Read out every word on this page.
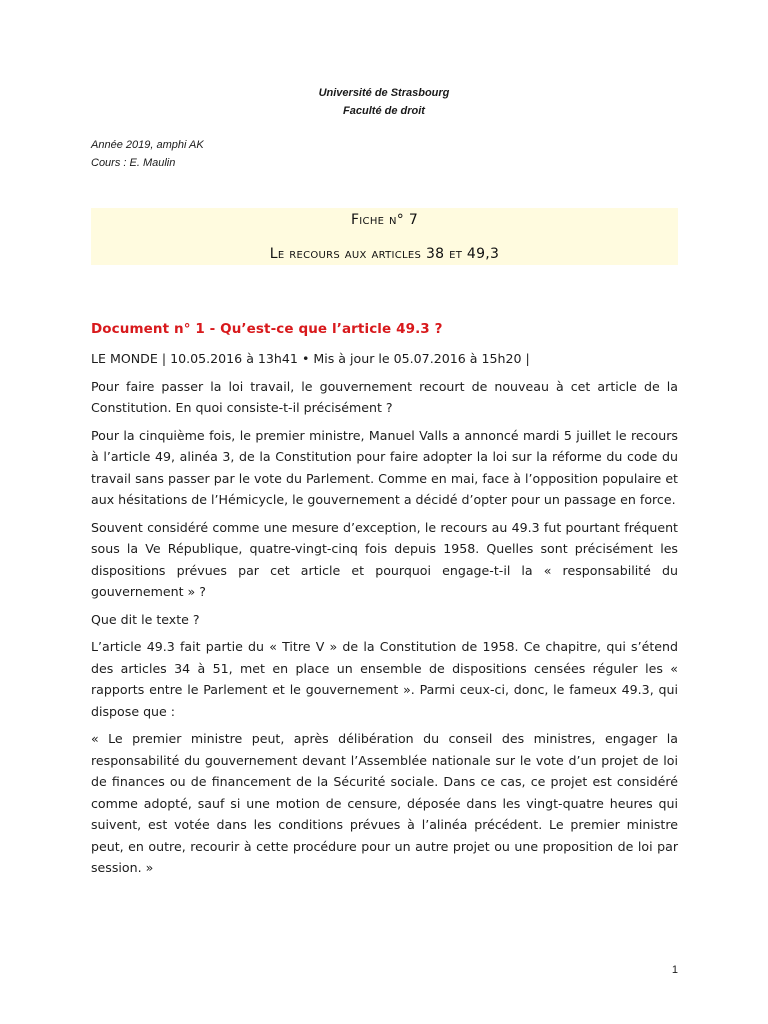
Université de Strasbourg
Faculté de droit
Année 2019, amphi AK
Cours : E. Maulin
Fiche n° 7
Le recours aux articles 38 et 49,3
Document n° 1 - Qu’est-ce que l’article 49.3 ?

LE MONDE | 10.05.2016 à 13h41 • Mis à jour le 05.07.2016 à 15h20 |

Pour faire passer la loi travail, le gouvernement recourt de nouveau à cet article de la Constitution. En quoi consiste-t-il précisément ?

Pour la cinquième fois, le premier ministre, Manuel Valls a annoncé mardi 5 juillet le recours à l’article 49, alinéa 3, de la Constitution pour faire adopter la loi sur la réforme du code du travail sans passer par le vote du Parlement. Comme en mai, face à l’opposition populaire et aux hésitations de l’Hémicycle, le gouvernement a décidé d’opter pour un passage en force.

Souvent considéré comme une mesure d’exception, le recours au 49.3 fut pourtant fréquent sous la Ve République, quatre-vingt-cinq fois depuis 1958. Quelles sont précisément les dispositions prévues par cet article et pourquoi engage-t-il la « responsabilité du gouvernement » ?

Que dit le texte ?

L’article 49.3 fait partie du « Titre V » de la Constitution de 1958. Ce chapitre, qui s’étend des articles 34 à 51, met en place un ensemble de dispositions censées réguler les « rapports entre le Parlement et le gouvernement ». Parmi ceux-ci, donc, le fameux 49.3, qui dispose que :

« Le premier ministre peut, après délibération du conseil des ministres, engager la responsabilité du gouvernement devant l’Assemblée nationale sur le vote d’un projet de loi de finances ou de financement de la Sécurité sociale. Dans ce cas, ce projet est considéré comme adopté, sauf si une motion de censure, déposée dans les vingt-quatre heures qui suivent, est votée dans les conditions prévues à l’alinéa précédent. Le premier ministre peut, en outre, recourir à cette procédure pour un autre projet ou une proposition de loi par session. »

1
